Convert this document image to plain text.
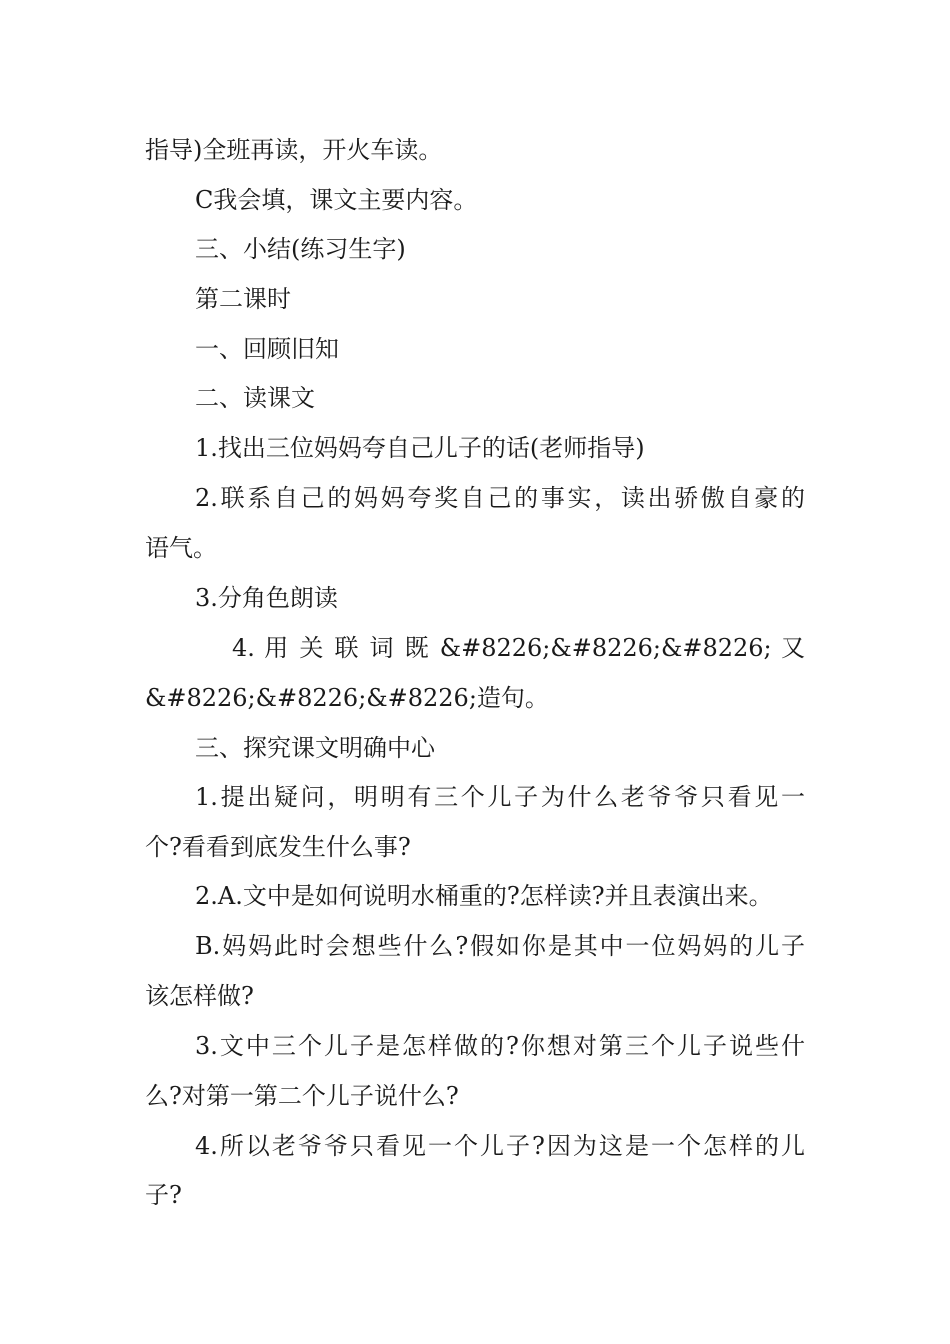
指导)全班再读，开火车读。
C我会填，课文主要内容。
三、小结(练习生字)
第二课时
一、回顾旧知
二、读课文
1.找出三位妈妈夸自己儿子的话(老师指导)
2.联系自己的妈妈夸奖自己的事实，读出骄傲自豪的
语气。
3.分角色朗读
4. 用 关 联 词 既 &#8226;&#8226;&#8226; 又
&#8226;&#8226;&#8226;造句。
三、探究课文明确中心
1.提出疑问，明明有三个儿子为什么老爷爷只看见一
个?看看到底发生什么事?
2.A.文中是如何说明水桶重的?怎样读?并且表演出来。
B.妈妈此时会想些什么?假如你是其中一位妈妈的儿子
该怎样做?
3.文中三个儿子是怎样做的?你想对第三个儿子说些什
么?对第一第二个儿子说什么?
4.所以老爷爷只看见一个儿子?因为这是一个怎样的儿
子?
